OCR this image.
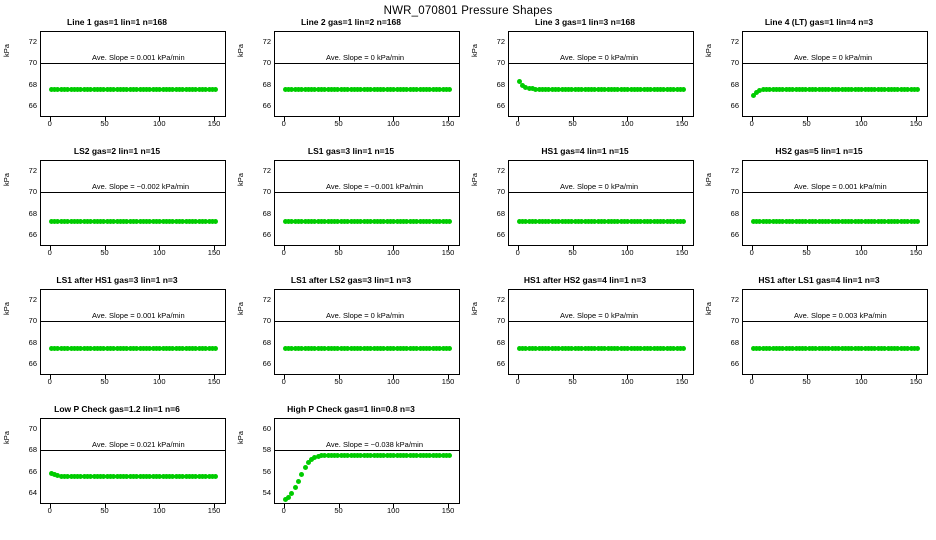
NWR_070801 Pressure Shapes
Line 1 gas=1 lin=1 n=168
kPa
66
68
70
72
Ave. Slope = 0.001 kPa/min
0	50	100	150
Line 2 gas=1 lin=2 n=168
kPa
66
68
70
72
Ave. Slope = 0 kPa/min
0	50	100	150
Line 3 gas=1 lin=3 n=168
kPa
66
68
70
72
Ave. Slope = 0 kPa/min
0	50	100	150
Line 4 (LT) gas=1 lin=4 n=3
kPa
66
68
70
72
Ave. Slope = 0 kPa/min
0	50	100	150
LS2 gas=2 lin=1 n=15
kPa
66
68
70
72
Ave. Slope = −0.002 kPa/min
0	50	100	150
LS1 gas=3 lin=1 n=15
kPa
66
68
70
72
Ave. Slope = −0.001 kPa/min
0	50	100	150
HS1 gas=4 lin=1 n=15
kPa
66
68
70
72
Ave. Slope = 0 kPa/min
0	50	100	150
HS2 gas=5 lin=1 n=15
kPa
66
68
70
72
Ave. Slope = 0.001 kPa/min
0	50	100	150
LS1 after HS1 gas=3 lin=1 n=3
kPa
66
68
70
72
Ave. Slope = 0.001 kPa/min
0	50	100	150
LS1 after LS2 gas=3 lin=1 n=3
kPa
66
68
70
72
Ave. Slope = 0 kPa/min
0	50	100	150
HS1 after HS2 gas=4 lin=1 n=3
kPa
66
68
70
72
Ave. Slope = 0 kPa/min
0	50	100	150
HS1 after LS1 gas=4 lin=1 n=3
kPa
66
68
70
72
Ave. Slope = 0.003 kPa/min
0	50	100	150
Low P Check gas=1.2 lin=1 n=6
kPa
64
66
68
70
Ave. Slope = 0.021 kPa/min
0	50	100	150
High P Check gas=1 lin=0.8 n=3
kPa
54
56
58
60
Ave. Slope = −0.038 kPa/min
0	50	100	150
